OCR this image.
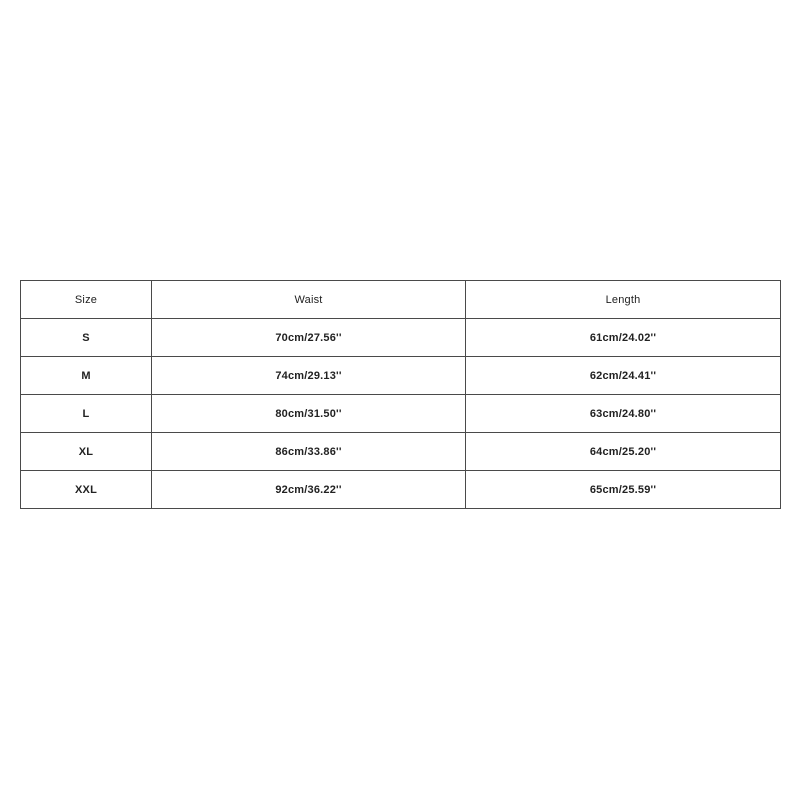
Size	Waist	Length
S	70cm/27.56''	61cm/24.02''
M	74cm/29.13''	62cm/24.41''
L	80cm/31.50''	63cm/24.80''
XL	86cm/33.86''	64cm/25.20''
XXL	92cm/36.22''	65cm/25.59''
